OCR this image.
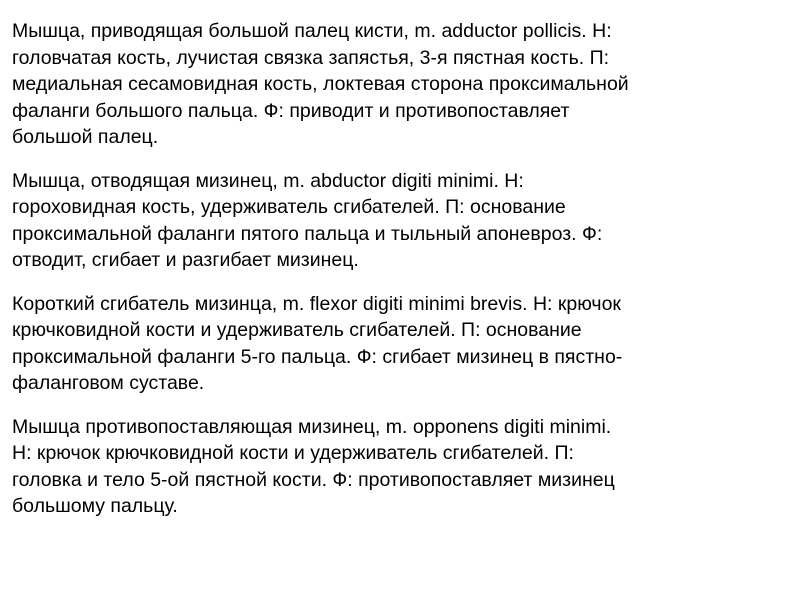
Мышца, приводящая большой палец кисти, m. adductor pollicis. Н:
головчатая кость, лучистая связка запястья, 3-я пястная кость. П:
медиальная сесамовидная кость, локтевая сторона проксимальной
фаланги большого пальца. Ф: приводит и противопоставляет
большой палец.

Мышца, отводящая мизинец, m. abductor digiti minimi. Н:
гороховидная кость, удерживатель сгибателей. П: основание
проксимальной фаланги пятого пальца и тыльный апоневроз. Ф:
отводит, сгибает и разгибает мизинец.

Короткий сгибатель мизинца, m. flexor digiti minimi brevis. Н: крючок
крючковидной кости и удерживатель сгибателей. П: основание
проксимальной фаланги 5-го пальца. Ф: сгибает мизинец в пястно-
фаланговом суставе.

Мышца противопоставляющая мизинец, m. opponens digiti minimi.
Н: крючок крючковидной кости и удерживатель сгибателей. П:
головка и тело 5-ой пястной кости. Ф: противопоставляет мизинец
большому пальцу.
